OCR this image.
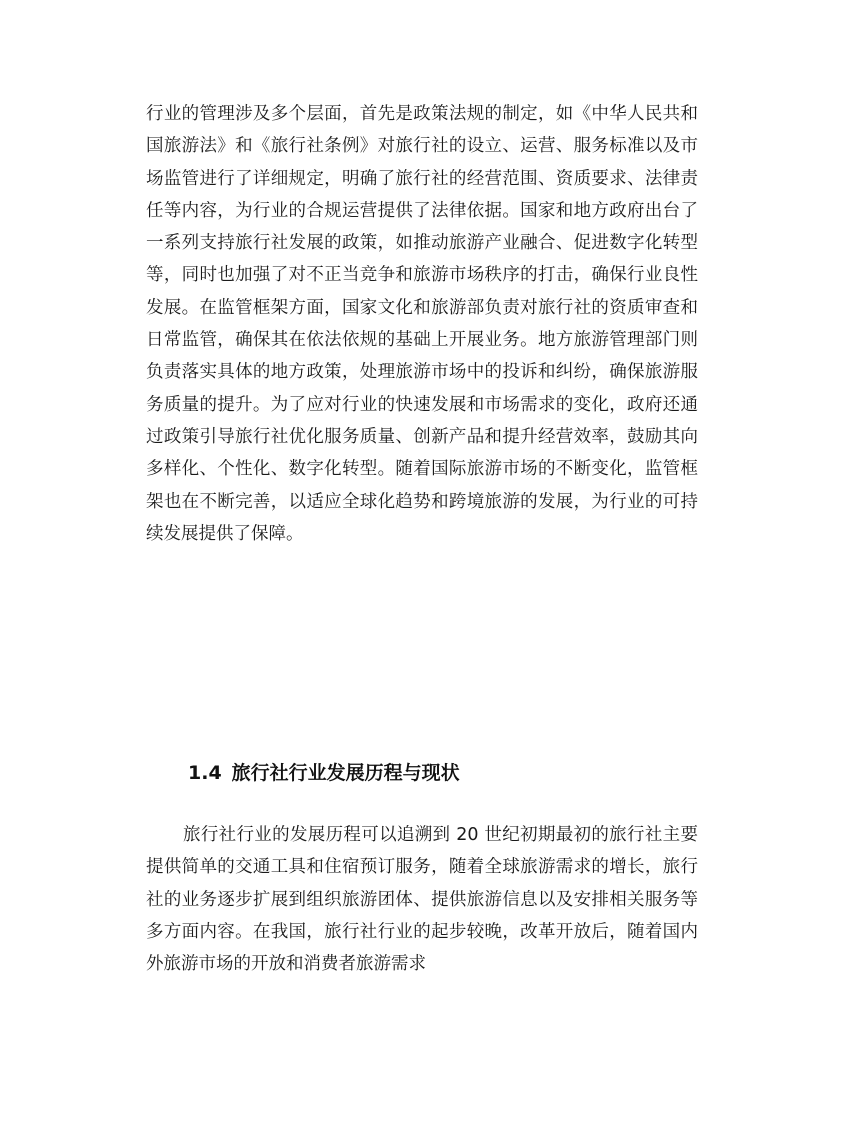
行业的管理涉及多个层面，首先是政策法规的制定，如《中华人民共和国旅游法》和《旅行社条例》对旅行社的设立、运营、服务标准以及市场监管进行了详细规定，明确了旅行社的经营范围、资质要求、法律责任等内容，为行业的合规运营提供了法律依据。国家和地方政府出台了一系列支持旅行社发展的政策，如推动旅游产业融合、促进数字化转型等，同时也加强了对不正当竞争和旅游市场秩序的打击，确保行业良性发展。在监管框架方面，国家文化和旅游部负责对旅行社的资质审查和日常监管，确保其在依法依规的基础上开展业务。地方旅游管理部门则负责落实具体的地方政策，处理旅游市场中的投诉和纠纷，确保旅游服务质量的提升。为了应对行业的快速发展和市场需求的变化，政府还通过政策引导旅行社优化服务质量、创新产品和提升经营效率，鼓励其向多样化、个性化、数字化转型。随着国际旅游市场的不断变化，监管框架也在不断完善，以适应全球化趋势和跨境旅游的发展，为行业的可持续发展提供了保障。

1.4 旅行社行业发展历程与现状

旅行社行业的发展历程可以追溯到 20 世纪初期最初的旅行社主要提供简单的交通工具和住宿预订服务，随着全球旅游需求的增长，旅行社的业务逐步扩展到组织旅游团体、提供旅游信息以及安排相关服务等多方面内容。在我国，旅行社行业的起步较晚，改革开放后，随着国内外旅游市场的开放和消费者旅游需求
